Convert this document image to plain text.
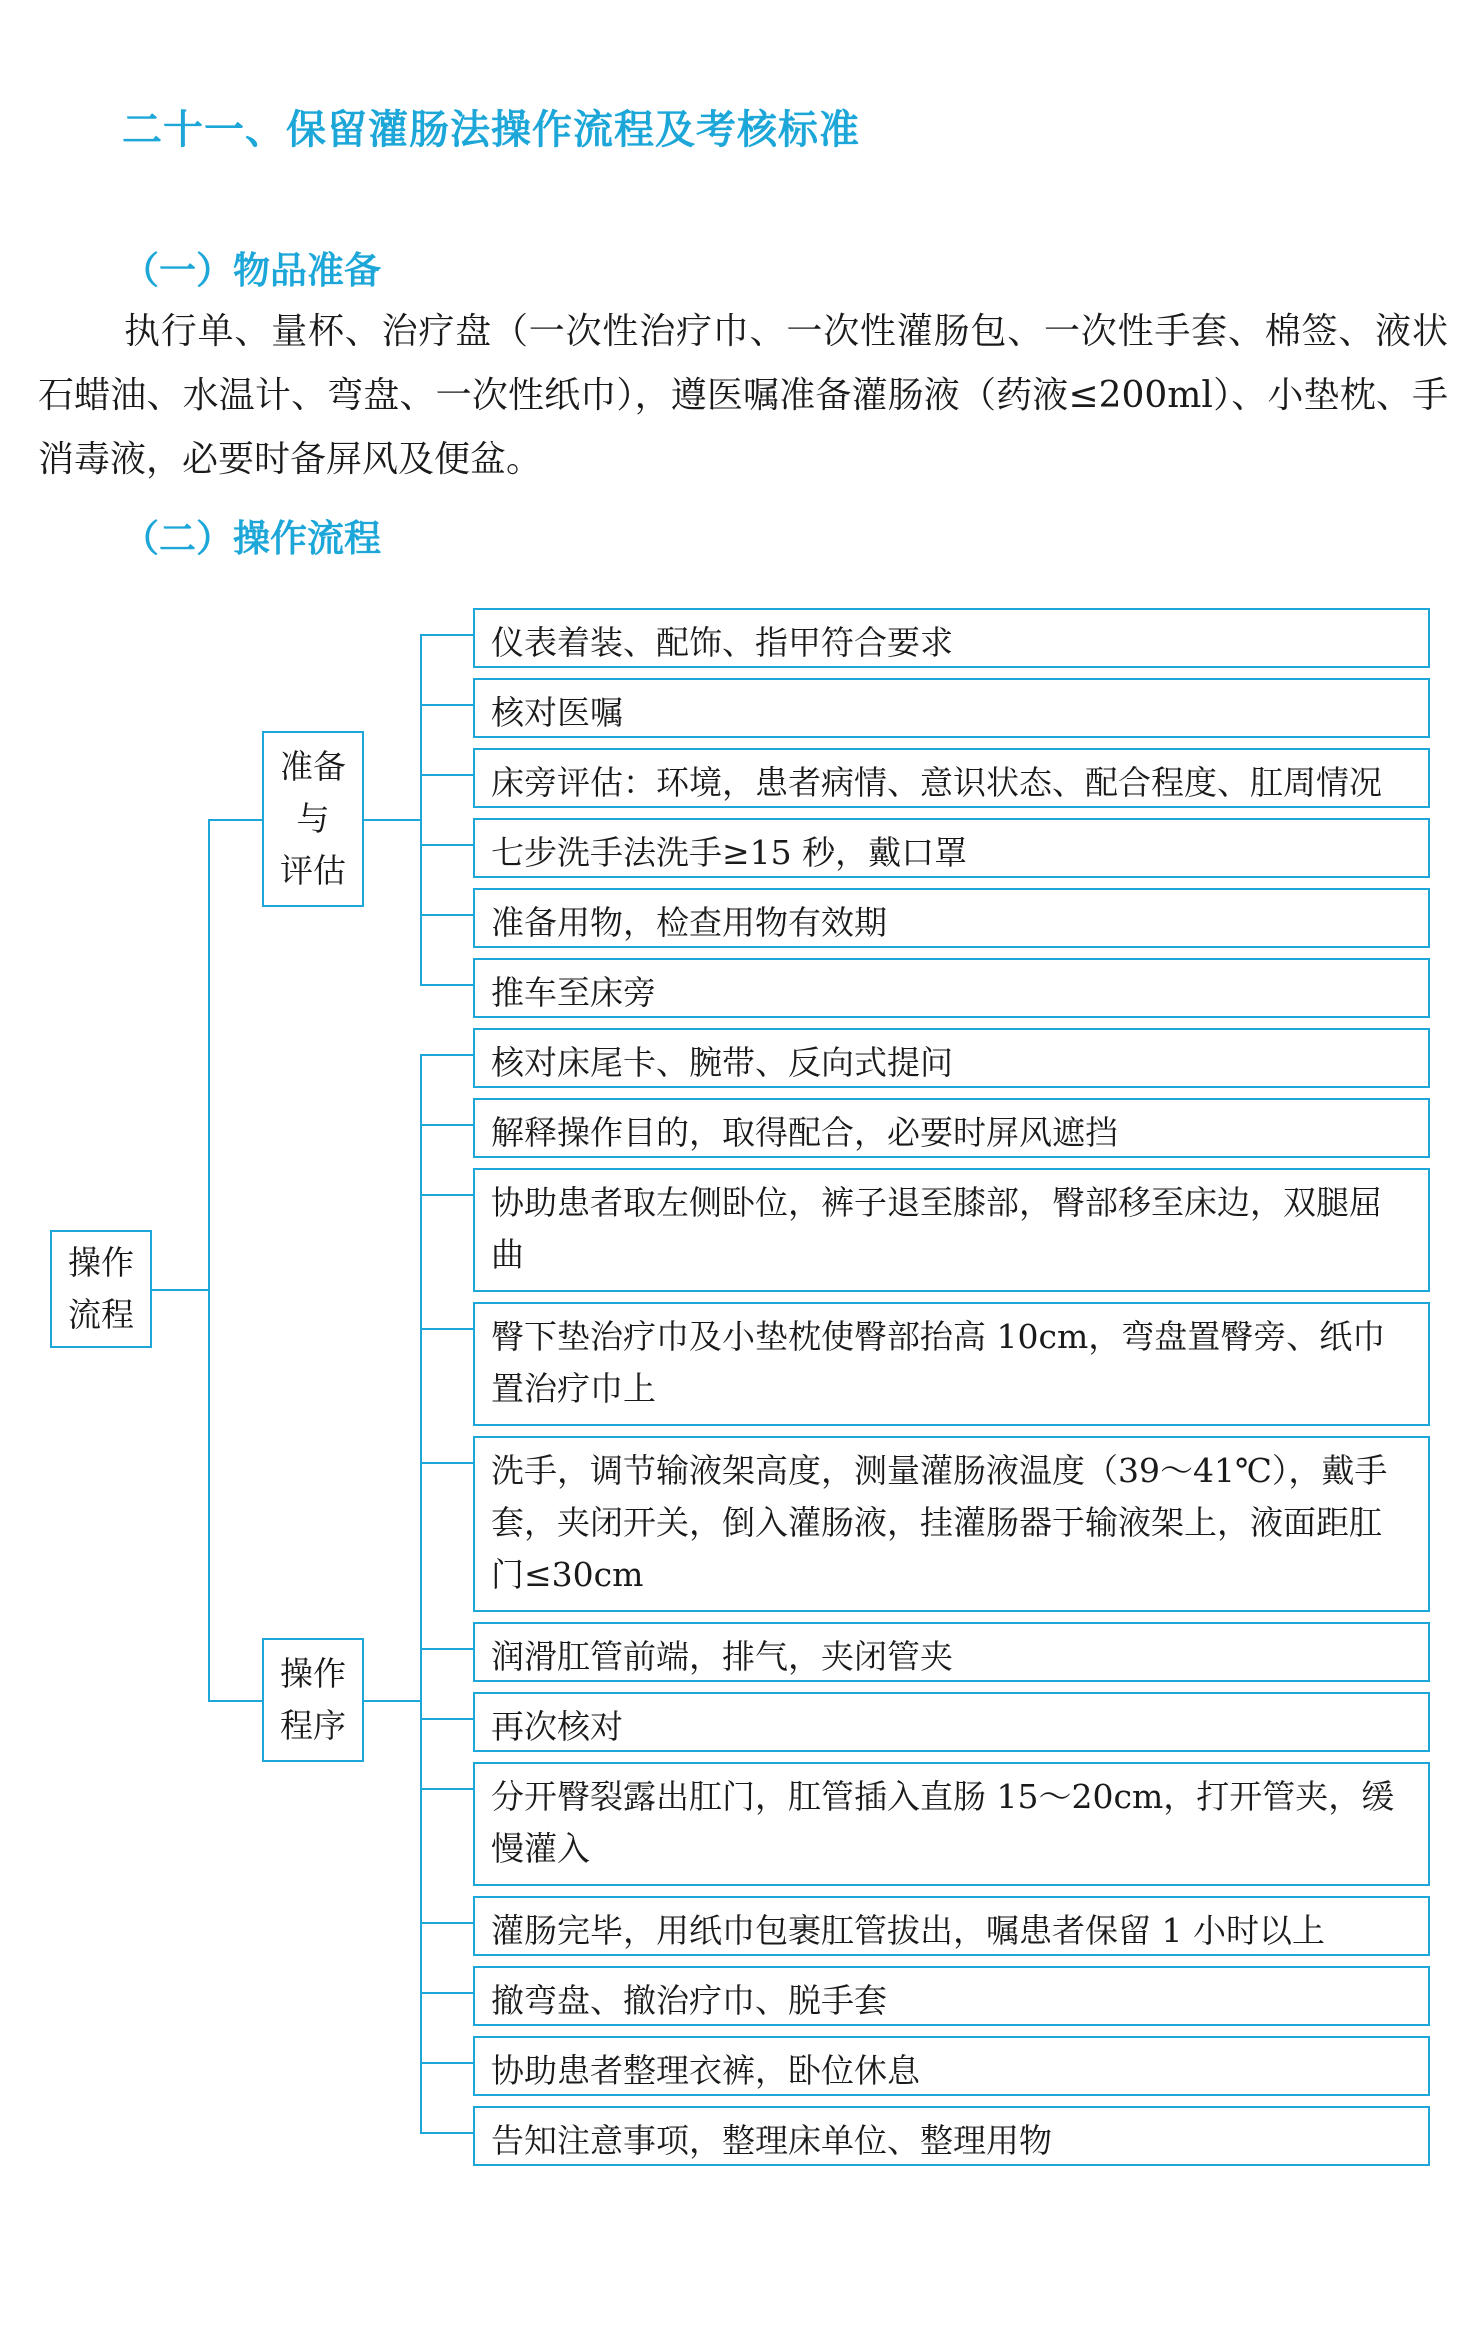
二十一、保留灌肠法操作流程及考核标准
（一）物品准备
执行单、量杯、治疗盘（一次性治疗巾、一次性灌肠包、一次性手套、棉签、液状石蜡油、水温计、弯盘、一次性纸巾），遵医嘱准备灌肠液（药液≤200ml）、小垫枕、手消毒液，必要时备屏风及便盆。
（二）操作流程
仪表着装、配饰、指甲符合要求
核对医嘱
床旁评估：环境，患者病情、意识状态、配合程度、肛周情况
七步洗手法洗手≥15 秒，戴口罩
准备用物，检查用物有效期
推车至床旁
准备
与
评估
核对床尾卡、腕带、反向式提问
解释操作目的，取得配合，必要时屏风遮挡
协助患者取左侧卧位，裤子退至膝部，臀部移至床边，双腿屈曲
臀下垫治疗巾及小垫枕使臀部抬高 10cm，弯盘置臀旁、纸巾置治疗巾上
洗手，调节输液架高度，测量灌肠液温度（39～41℃），戴手套，夹闭开关，倒入灌肠液，挂灌肠器于输液架上，液面距肛门≤30cm
润滑肛管前端，排气，夹闭管夹
再次核对
分开臀裂露出肛门，肛管插入直肠 15～20cm，打开管夹，缓慢灌入
灌肠完毕，用纸巾包裹肛管拔出，嘱患者保留 1 小时以上
撤弯盘、撤治疗巾、脱手套
协助患者整理衣裤，卧位休息
告知注意事项，整理床单位、整理用物
操作
程序
操作
流程
